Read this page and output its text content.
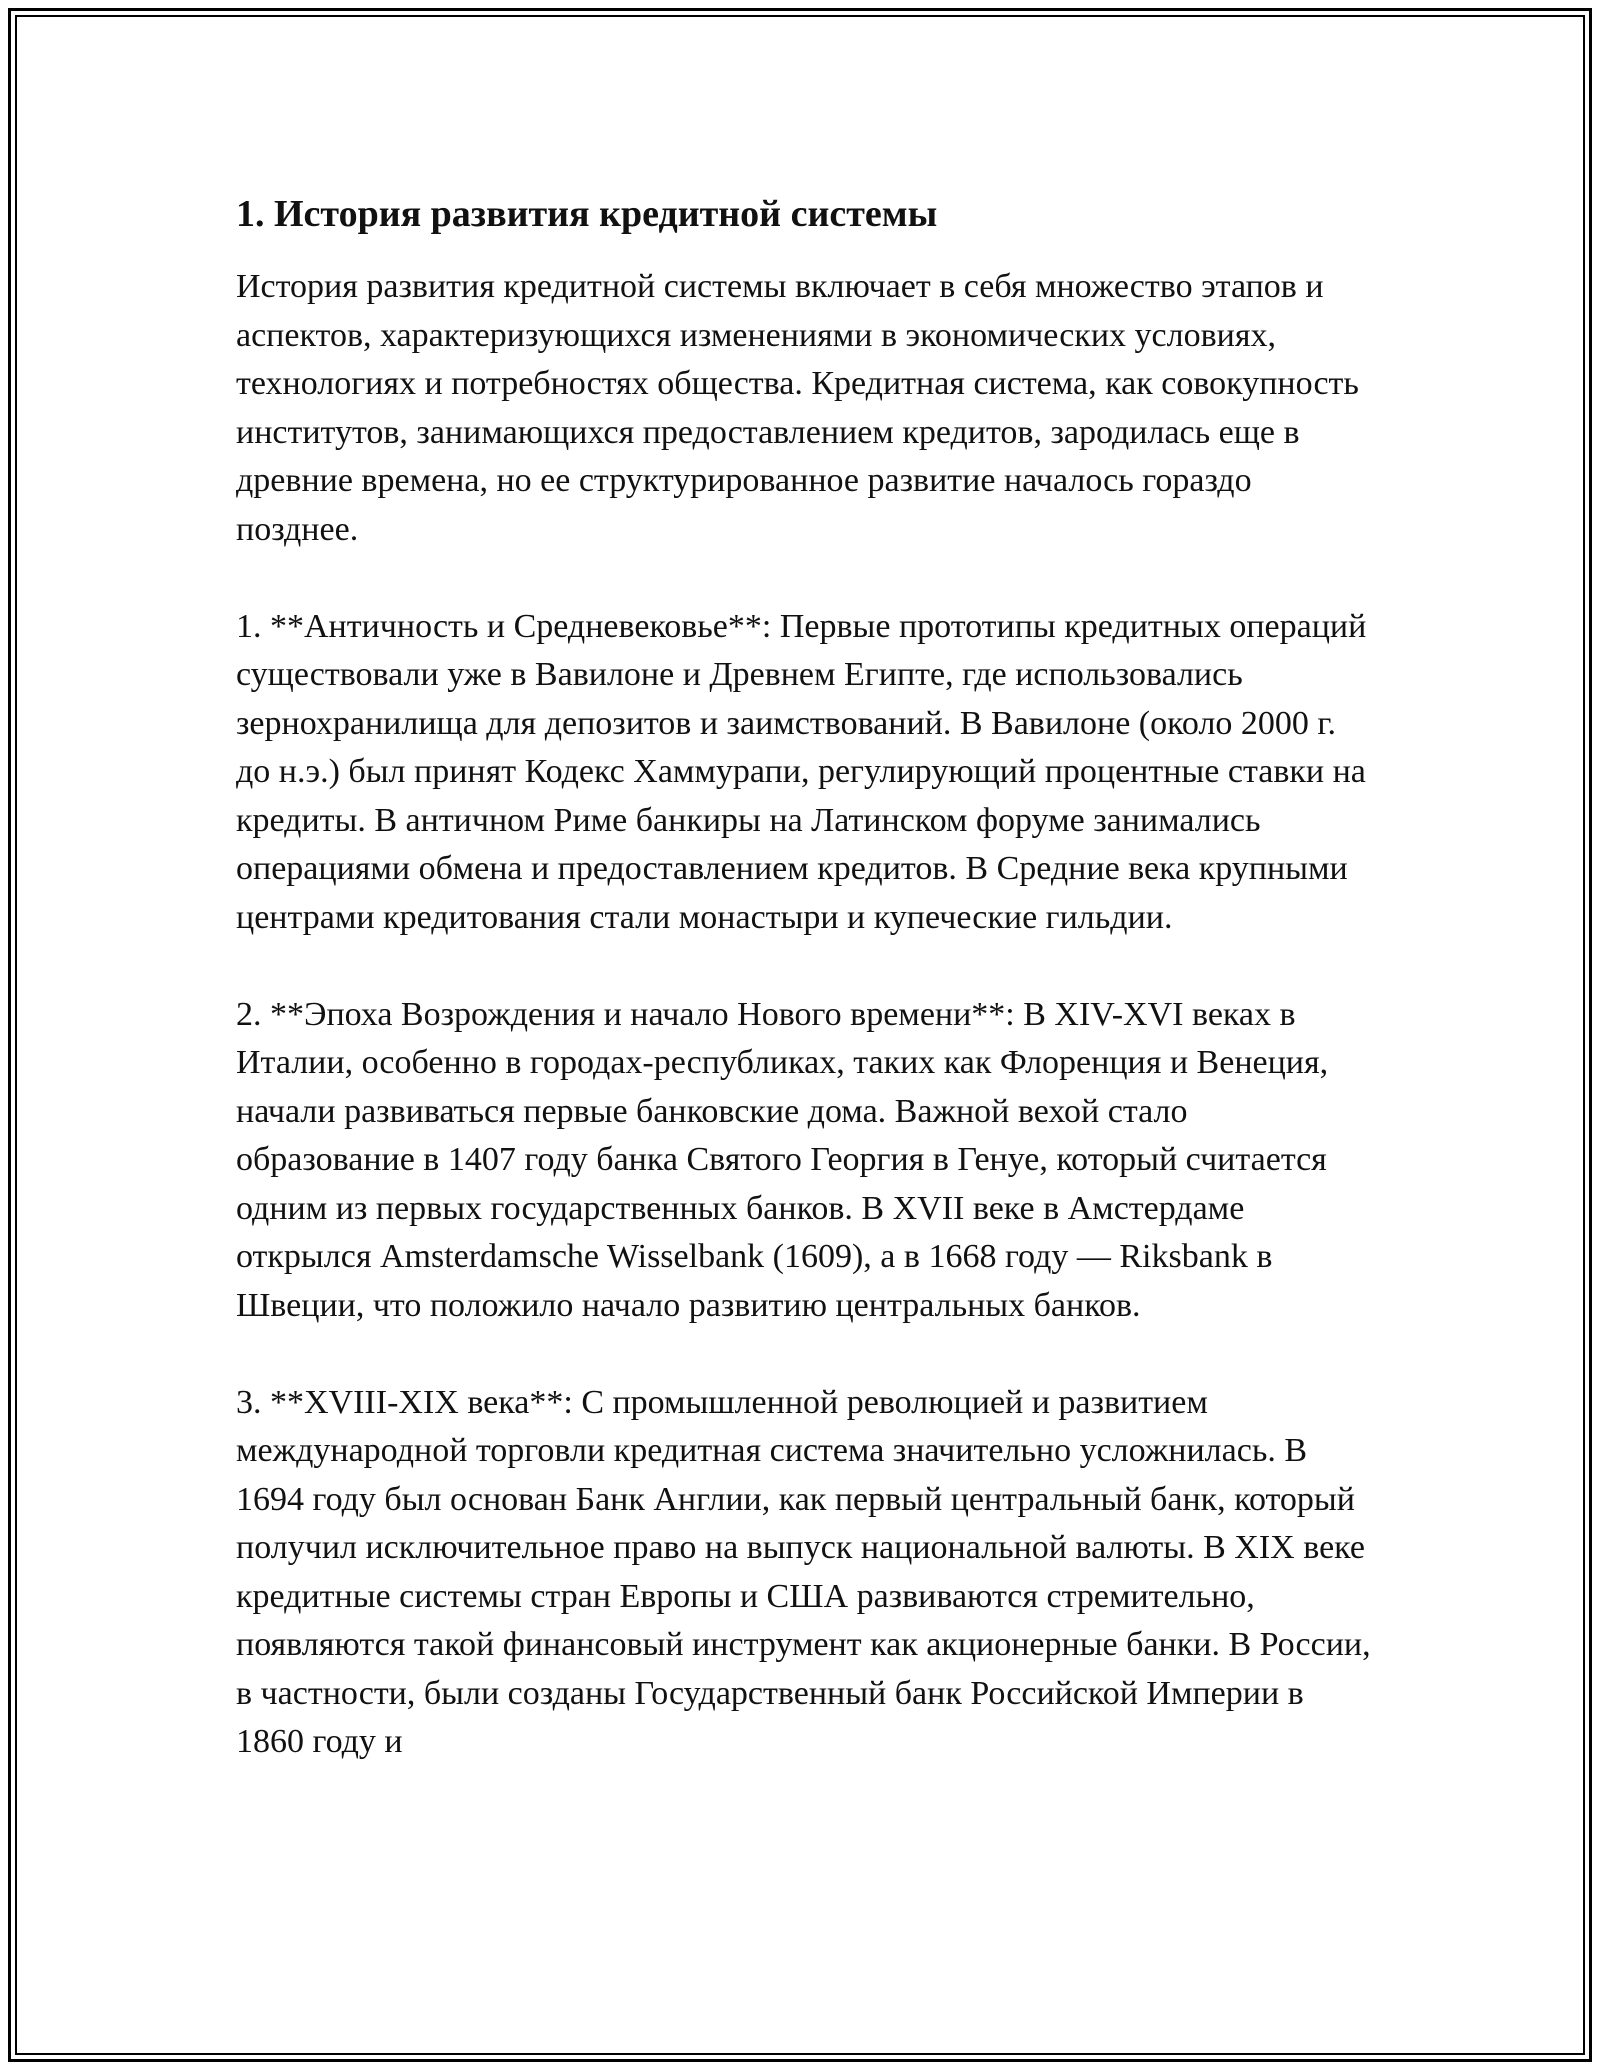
1. История развития кредитной системы

История развития кредитной системы включает в себя множество этапов и аспектов, характеризующихся изменениями в экономических условиях, технологиях и потребностях общества. Кредитная система, как совокупность институтов, занимающихся предоставлением кредитов, зародилась еще в древние времена, но ее структурированное развитие началось гораздо позднее.

1. **Античность и Средневековье**: Первые прототипы кредитных операций существовали уже в Вавилоне и Древнем Египте, где использовались зернохранилища для депозитов и заимствований. В Вавилоне (около 2000 г. до н.э.) был принят Кодекс Хаммурапи, регулирующий процентные ставки на кредиты. В античном Риме банкиры на Латинском форуме занимались операциями обмена и предоставлением кредитов. В Средние века крупными центрами кредитования стали монастыри и купеческие гильдии.

2. **Эпоха Возрождения и начало Нового времени**: В XIV-XVI веках в Италии, особенно в городах-республиках, таких как Флоренция и Венеция, начали развиваться первые банковские дома. Важной вехой стало образование в 1407 году банка Святого Георгия в Генуе, который считается одним из первых государственных банков. В XVII веке в Амстердаме открылся Amsterdamsche Wisselbank (1609), а в 1668 году — Riksbank в Швеции, что положило начало развитию центральных банков.

3. **XVIII-XIX века**: С промышленной революцией и развитием международной торговли кредитная система значительно усложнилась. В 1694 году был основан Банк Англии, как первый центральный банк, который получил исключительное право на выпуск национальной валюты. В XIX веке кредитные системы стран Европы и США развиваются стремительно, появляются такой финансовый инструмент как акционерные банки. В России, в частности, были созданы Государственный банк Российской Империи в 1860 году и
